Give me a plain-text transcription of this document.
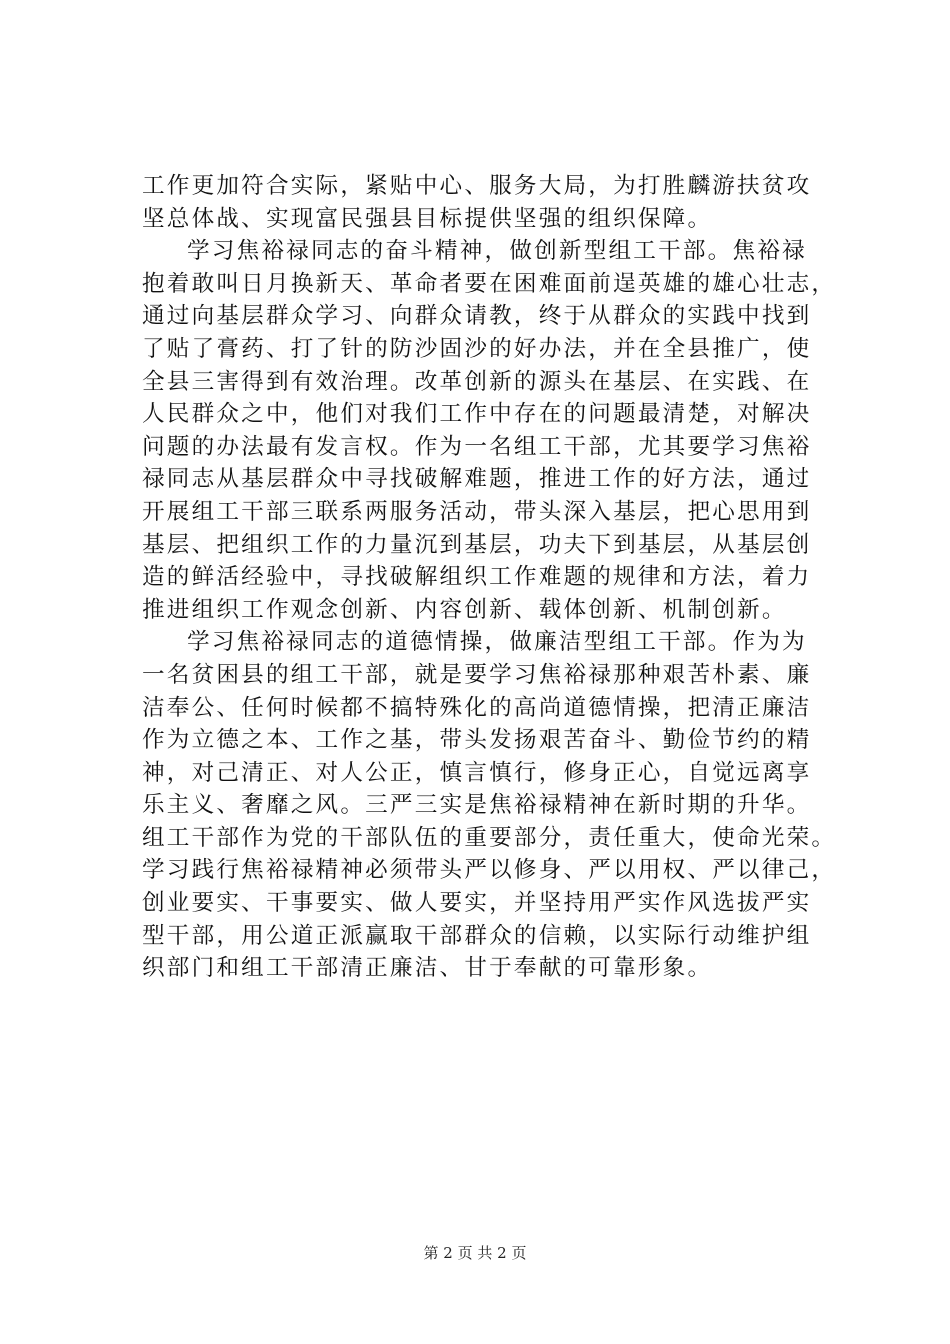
工作更加符合实际，紧贴中心、服务大局，为打胜麟游扶贫攻
坚总体战、实现富民强县目标提供坚强的组织保障。
学习焦裕禄同志的奋斗精神，做创新型组工干部。焦裕禄
抱着敢叫日月换新天、革命者要在困难面前逞英雄的雄心壮志，
通过向基层群众学习、向群众请教，终于从群众的实践中找到
了贴了膏药、打了针的防沙固沙的好办法，并在全县推广，使
全县三害得到有效治理。改革创新的源头在基层、在实践、在
人民群众之中，他们对我们工作中存在的问题最清楚，对解决
问题的办法最有发言权。作为一名组工干部，尤其要学习焦裕
禄同志从基层群众中寻找破解难题，推进工作的好方法，通过
开展组工干部三联系两服务活动，带头深入基层，把心思用到
基层、把组织工作的力量沉到基层，功夫下到基层，从基层创
造的鲜活经验中，寻找破解组织工作难题的规律和方法，着力
推进组织工作观念创新、内容创新、载体创新、机制创新。
学习焦裕禄同志的道德情操，做廉洁型组工干部。作为为
一名贫困县的组工干部，就是要学习焦裕禄那种艰苦朴素、廉
洁奉公、任何时候都不搞特殊化的高尚道德情操，把清正廉洁
作为立德之本、工作之基，带头发扬艰苦奋斗、勤俭节约的精
神，对己清正、对人公正，慎言慎行，修身正心，自觉远离享
乐主义、奢靡之风。三严三实是焦裕禄精神在新时期的升华。
组工干部作为党的干部队伍的重要部分，责任重大，使命光荣。
学习践行焦裕禄精神必须带头严以修身、严以用权、严以律己，
创业要实、干事要实、做人要实，并坚持用严实作风选拔严实
型干部，用公道正派赢取干部群众的信赖，以实际行动维护组
织部门和组工干部清正廉洁、甘于奉献的可靠形象。
第 2 页 共 2 页
